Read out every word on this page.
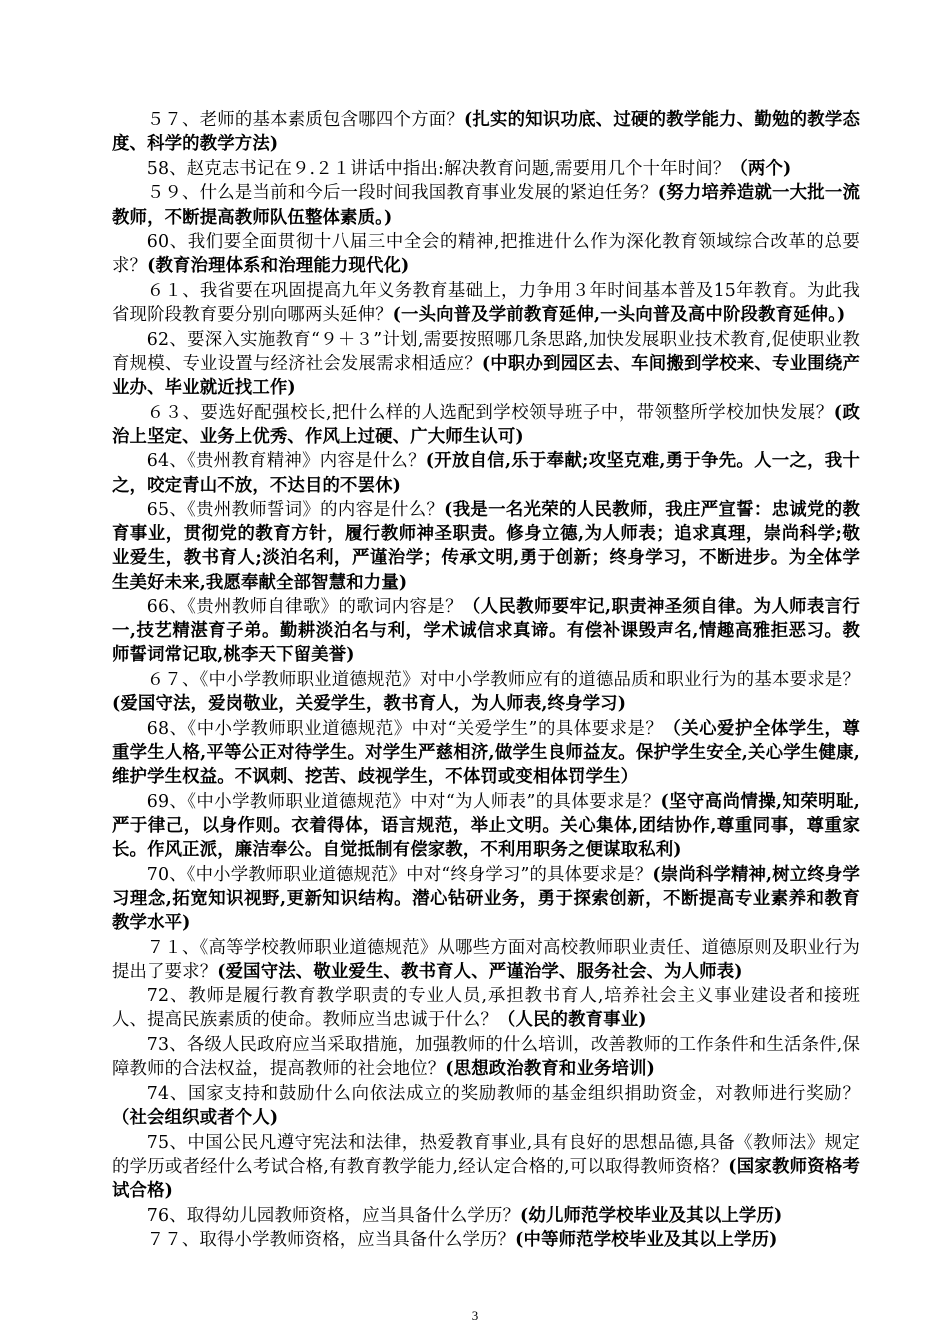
５７、老师的基本素质包含哪四个方面？(扎实的知识功底、过硬的教学能力、勤勉的教学态度、科学的教学方法)

58、赵克志书记在９.２１讲话中指出:解决教育问题,需要用几个十年时间？（两个)

５９、什么是当前和今后一段时间我国教育事业发展的紧迫任务？(努力培养造就一大批一流教师，不断提高教师队伍整体素质。)

60、我们要全面贯彻十八届三中全会的精神,把推进什么作为深化教育领域综合改革的总要求？(教育治理体系和治理能力现代化)

６１、我省要在巩固提高九年义务教育基础上，力争用３年时间基本普及15年教育。为此我省现阶段教育要分别向哪两头延伸？(一头向普及学前教育延伸,一头向普及高中阶段教育延伸。)

62、要深入实施教育“９＋３”计划,需要按照哪几条思路,加快发展职业技术教育,促使职业教育规模、专业设置与经济社会发展需求相适应？(中职办到园区去、车间搬到学校来、专业围绕产业办、毕业就近找工作)

６３、要选好配强校长,把什么样的人选配到学校领导班子中，带领整所学校加快发展？(政治上坚定、业务上优秀、作风上过硬、广大师生认可)

64、《贵州教育精神》内容是什么？(开放自信,乐于奉献;攻坚克难,勇于争先。人一之，我十之，咬定青山不放，不达目的不罢休)

65、《贵州教师誓词》的内容是什么？(我是一名光荣的人民教师，我庄严宣誓：忠诚党的教育事业，贯彻党的教育方针，履行教师神圣职责。修身立德,为人师表；追求真理，崇尚科学;敬业爱生，教书育人;淡泊名利，严谨治学；传承文明,勇于创新；终身学习，不断进步。为全体学生美好未来,我愿奉献全部智慧和力量)

66、《贵州教师自律歌》的歌词内容是？（人民教师要牢记,职责神圣须自律。为人师表言行一,技艺精湛育子弟。勤耕淡泊名与利，学术诚信求真谛。有偿补课毁声名,情趣高雅拒恶习。教师誓词常记取,桃李天下留美誉)

６７、《中小学教师职业道德规范》对中小学教师应有的道德品质和职业行为的基本要求是？(爱国守法，爱岗敬业，关爱学生，教书育人，为人师表,终身学习)

68、《中小学教师职业道德规范》中对“关爱学生”的具体要求是？（关心爱护全体学生，尊重学生人格,平等公正对待学生。对学生严慈相济,做学生良师益友。保护学生安全,关心学生健康,维护学生权益。不讽刺、挖苦、歧视学生，不体罚或变相体罚学生）

69、《中小学教师职业道德规范》中对“为人师表”的具体要求是？(坚守高尚情操,知荣明耻,严于律己，以身作则。衣着得体，语言规范，举止文明。关心集体,团结协作,尊重同事，尊重家长。作风正派，廉洁奉公。自觉抵制有偿家教，不利用职务之便谋取私利)

70、《中小学教师职业道德规范》中对“终身学习”的具体要求是？(崇尚科学精神,树立终身学习理念,拓宽知识视野,更新知识结构。潜心钻研业务，勇于探索创新，不断提高专业素养和教育教学水平)

７１、《高等学校教师职业道德规范》从哪些方面对高校教师职业责任、道德原则及职业行为提出了要求？(爱国守法、敬业爱生、教书育人、严谨治学、服务社会、为人师表)

72、教师是履行教育教学职责的专业人员,承担教书育人,培养社会主义事业建设者和接班人、提高民族素质的使命。教师应当忠诚于什么？（人民的教育事业)

73、各级人民政府应当采取措施，加强教师的什么培训，改善教师的工作条件和生活条件,保障教师的合法权益，提高教师的社会地位？(思想政治教育和业务培训)

74、国家支持和鼓励什么向依法成立的奖励教师的基金组织捐助资金，对教师进行奖励？（社会组织或者个人)

75、中国公民凡遵守宪法和法律，热爱教育事业,具有良好的思想品德,具备《教师法》规定的学历或者经什么考试合格,有教育教学能力,经认定合格的,可以取得教师资格？(国家教师资格考试合格)

76、取得幼儿园教师资格，应当具备什么学历？(幼儿师范学校毕业及其以上学历)

７７、取得小学教师资格，应当具备什么学历？(中等师范学校毕业及其以上学历)

3
